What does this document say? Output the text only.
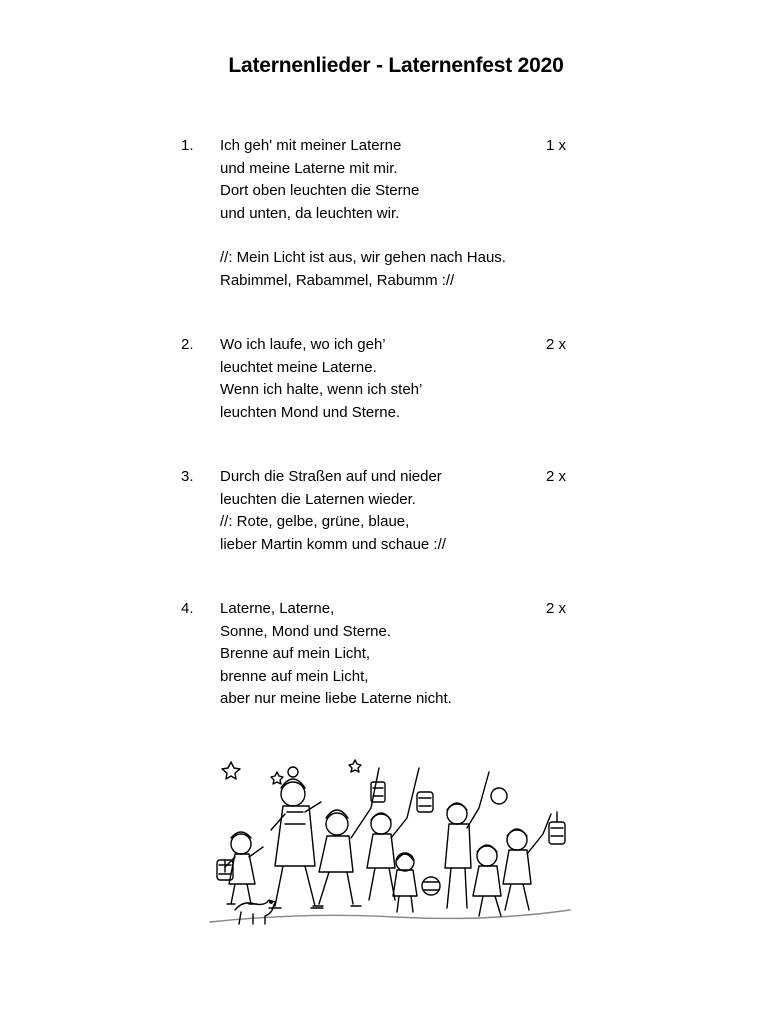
Laternenlieder - Laternenfest 2020
1. Ich geh' mit meiner Laterne
und meine Laterne mit mir.
Dort oben leuchten die Sterne
und unten, da leuchten wir.
//: Mein Licht ist aus, wir gehen nach Haus.
Rabimmel, Rabammel, Rabumm ://
1 x
2. Wo ich laufe, wo ich geh’
leuchtet meine Laterne.
Wenn ich halte, wenn ich steh’
leuchten Mond und Sterne.
2 x
3. Durch die Straßen auf und nieder
leuchten die Laternen wieder.
//: Rote, gelbe, grüne, blaue,
lieber Martin komm und schaue ://
2 x
4. Laterne, Laterne,
Sonne, Mond und Sterne.
Brenne auf mein Licht,
brenne auf mein Licht,
aber nur meine liebe Laterne nicht.
2 x
